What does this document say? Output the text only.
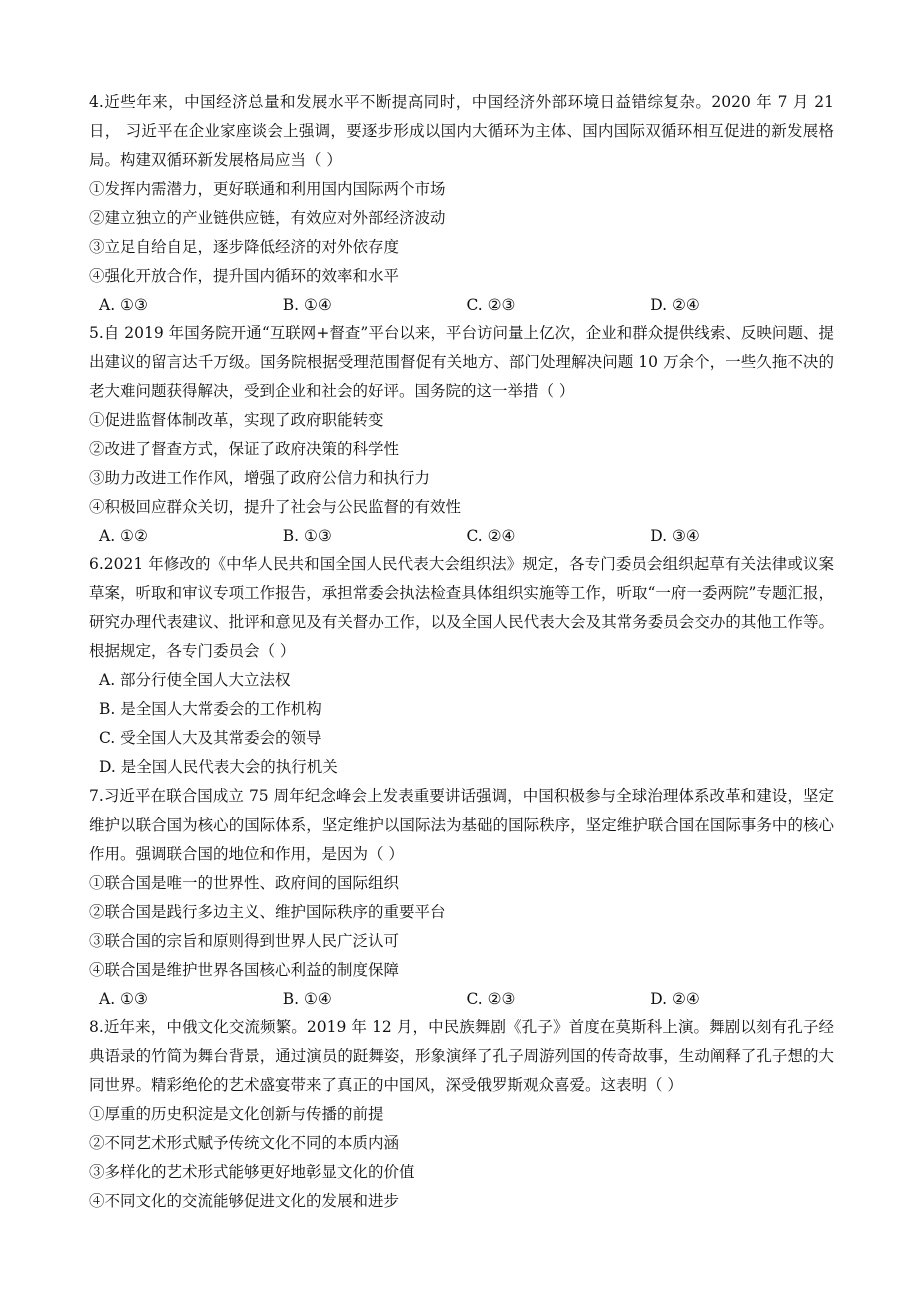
4.近些年来，中国经济总量和发展水平不断提高同时，中国经济外部环境日益错综复杂。2020 年 7 月 21 日， 习近平在企业家座谈会上强调，要逐步形成以国内大循环为主体、国内国际双循环相互促进的新发展格局。构建双循环新发展格局应当（ ）

①发挥内需潜力，更好联通和利用国内国际两个市场

②建立独立的产业链供应链，有效应对外部经济波动

③立足自给自足，逐步降低经济的对外依存度

④强化开放合作，提升国内循环的效率和水平

A. ①③	B. ①④	C. ②③	D. ②④

5.自 2019 年国务院开通“互联网+督查”平台以来，平台访问量上亿次，企业和群众提供线索、反映问题、提出建议的留言达千万级。国务院根据受理范围督促有关地方、部门处理解决问题 10 万余个，一些久拖不决的老大难问题获得解决，受到企业和社会的好评。国务院的这一举措（ ）

①促进监督体制改革，实现了政府职能转变

②改进了督查方式，保证了政府决策的科学性

③助力改进工作作风，增强了政府公信力和执行力

④积极回应群众关切，提升了社会与公民监督的有效性

A. ①②	B. ①③	C. ②④	D. ③④

6.2021 年修改的《中华人民共和国全国人民代表大会组织法》规定，各专门委员会组织起草有关法律或议案草案，听取和审议专项工作报告，承担常委会执法检查具体组织实施等工作，听取“一府一委两院”专题汇报，研究办理代表建议、批评和意见及有关督办工作，以及全国人民代表大会及其常务委员会交办的其他工作等。根据规定，各专门委员会（ ）

A. 部分行使全国人大立法权

B. 是全国人大常委会的工作机构

C. 受全国人大及其常委会的领导

D. 是全国人民代表大会的执行机关

7.习近平在联合国成立 75 周年纪念峰会上发表重要讲话强调，中国积极参与全球治理体系改革和建设，坚定维护以联合国为核心的国际体系，坚定维护以国际法为基础的国际秩序，坚定维护联合国在国际事务中的核心作用。强调联合国的地位和作用，是因为（ ）

①联合国是唯一的世界性、政府间的国际组织

②联合国是践行多边主义、维护国际秩序的重要平台

③联合国的宗旨和原则得到世界人民广泛认可

④联合国是维护世界各国核心利益的制度保障

A. ①③	B. ①④	C. ②③	D. ②④

8.近年来，中俄文化交流频繁。2019 年 12 月，中民族舞剧《孔子》首度在莫斯科上演。舞剧以刻有孔子经典语录的竹简为舞台背景，通过演员的跹舞姿，形象演绎了孔子周游列国的传奇故事，生动阐释了孔子想的大同世界。精彩绝伦的艺术盛宴带来了真正的中国风，深受俄罗斯观众喜爱。这表明（ ）

①厚重的历史积淀是文化创新与传播的前提

②不同艺术形式赋予传统文化不同的本质内涵

③多样化的艺术形式能够更好地彰显文化的价值

④不同文化的交流能够促进文化的发展和进步
